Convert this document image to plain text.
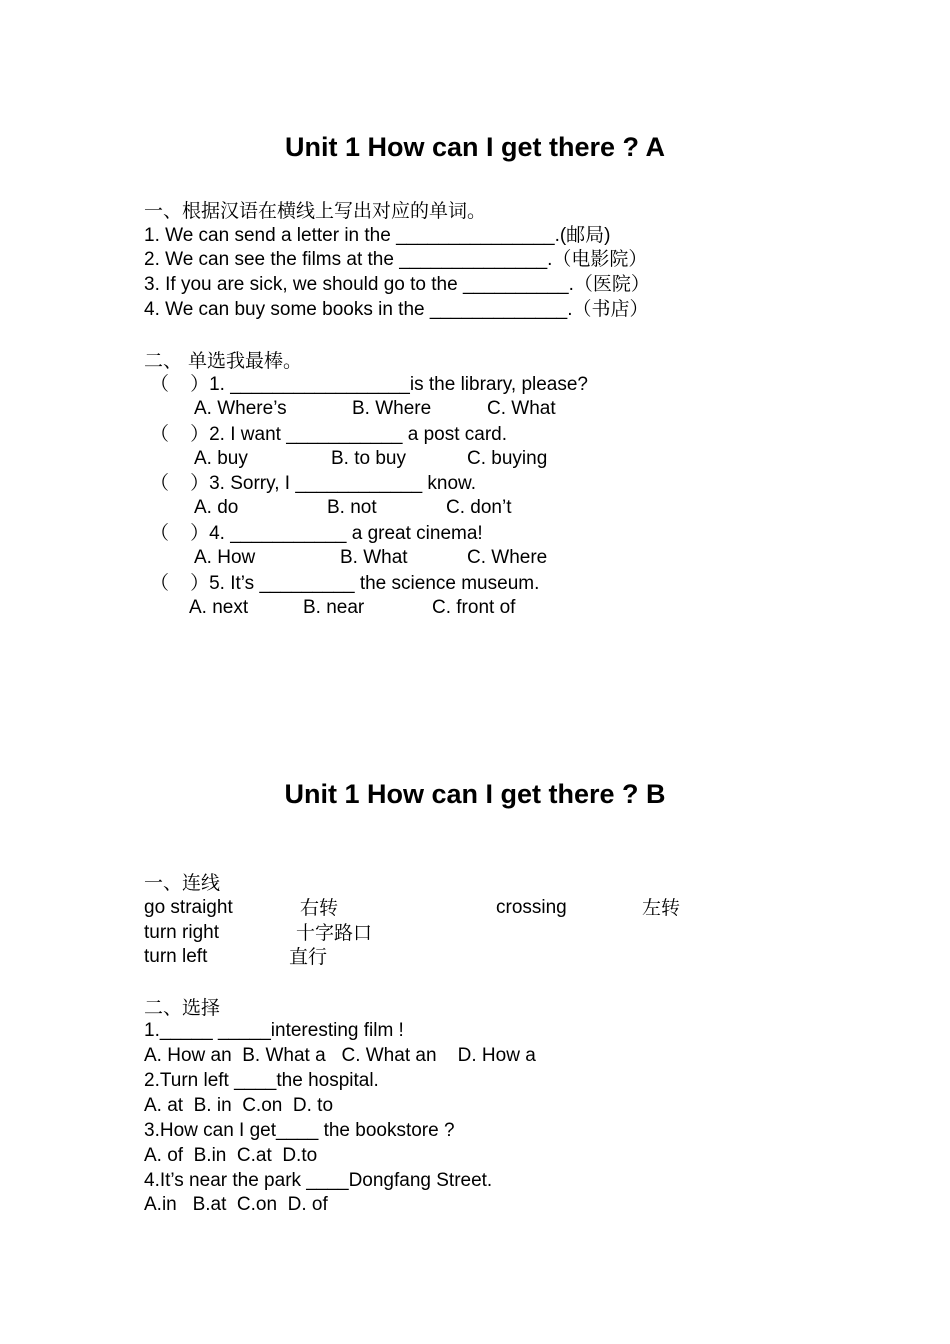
Unit 1 How can I get there ? A
一、根据汉语在横线上写出对应的单词。
1. We can send a letter in the _______________.(邮局)
2. We can see the films at the ______________.（电影院）
3. If you are sick, we should go to the __________.（医院）
4. We can buy some books in the _____________.（书店）
二、 单选我最棒。
（    ）1. _________________is the library, please?
A. Where’s	B. Where	C. What
（    ）2. I want ___________ a post card.
A. buy	B. to buy	C. buying
（    ）3. Sorry, I ____________ know.
A. do	B. not	C. don’t
（    ）4. ___________ a great cinema!
A. How	B. What	C. Where
（    ）5. It’s _________ the science museum.
A. next	B. near	C. front of
Unit 1 How can I get there ? B
一、连线
go straight	右转	crossing	左转
turn right	十字路口
turn left	直行
二、选择
1._____ _____interesting film !
A. How an  B. What a   C. What an    D. How a
2.Turn left ____the hospital.
A. at  B. in  C.on  D. to
3.How can I get____ the bookstore ?
A. of  B.in  C.at  D.to
4.It’s near the park ____Dongfang Street.
A.in   B.at  C.on  D. of
